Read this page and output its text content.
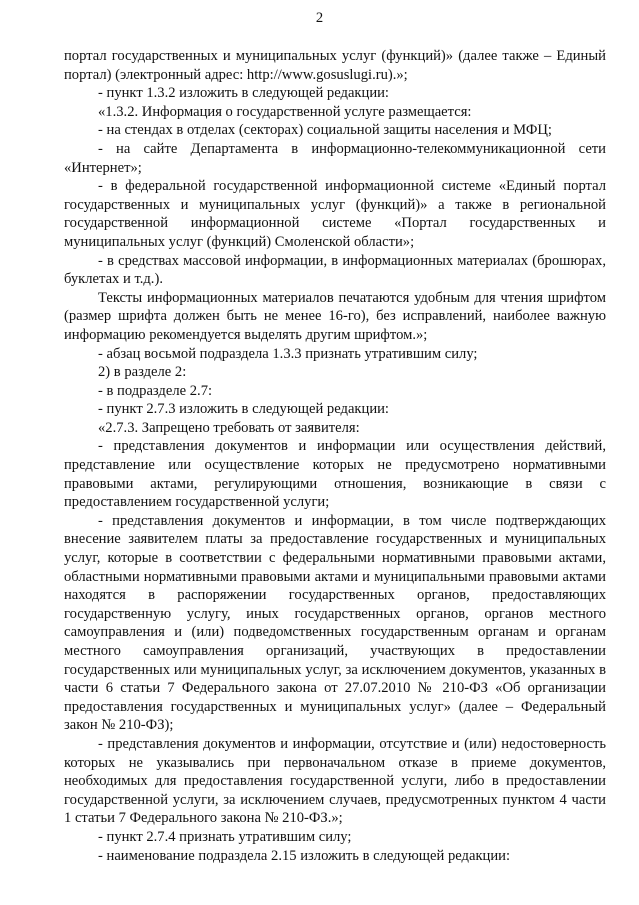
2

портал государственных и муниципальных услуг (функций)» (далее также – Единый портал) (электронный адрес: http://www.gosuslugi.ru).»;

- пункт 1.3.2 изложить в следующей редакции:

«1.3.2. Информация о государственной услуге размещается:

- на стендах в отделах (секторах) социальной защиты населения и МФЦ;

- на сайте Департамента в информационно-телекоммуникационной сети «Интернет»;

- в федеральной государственной информационной системе «Единый портал государственных и муниципальных услуг (функций)» а также в региональной государственной информационной системе «Портал государственных и муниципальных услуг (функций) Смоленской области»;

- в средствах массовой информации, в информационных материалах (брошюрах, буклетах и т.д.).

Тексты информационных материалов печатаются удобным для чтения шрифтом (размер шрифта должен быть не менее 16-го), без исправлений, наиболее важную информацию рекомендуется выделять другим шрифтом.»;

- абзац восьмой подраздела 1.3.3 признать утратившим силу;

2) в разделе 2:

- в подразделе 2.7:

- пункт 2.7.3 изложить в следующей редакции:

«2.7.3. Запрещено требовать от заявителя:

- представления документов и информации или осуществления действий, представление или осуществление которых не предусмотрено нормативными правовыми актами, регулирующими отношения, возникающие в связи с предоставлением государственной услуги;

- представления документов и информации, в том числе подтверждающих внесение заявителем платы за предоставление государственных и муниципальных услуг, которые в соответствии с федеральными нормативными правовыми актами, областными нормативными правовыми актами и муниципальными правовыми актами находятся в распоряжении государственных органов, предоставляющих государственную услугу, иных государственных органов, органов местного самоуправления и (или) подведомственных государственным органам и органам местного самоуправления организаций, участвующих в предоставлении государственных или муниципальных услуг, за исключением документов, указанных в части 6 статьи 7 Федерального закона от 27.07.2010 № 210-ФЗ «Об организации предоставления государственных и муниципальных услуг» (далее – Федеральный закон № 210-ФЗ);

- представления документов и информации, отсутствие и (или) недостоверность которых не указывались при первоначальном отказе в приеме документов, необходимых для предоставления государственной услуги, либо в предоставлении государственной услуги, за исключением случаев, предусмотренных пунктом 4 части 1 статьи 7 Федерального закона № 210-ФЗ.»;

- пункт 2.7.4 признать утратившим силу;

- наименование подраздела 2.15 изложить в следующей редакции:
